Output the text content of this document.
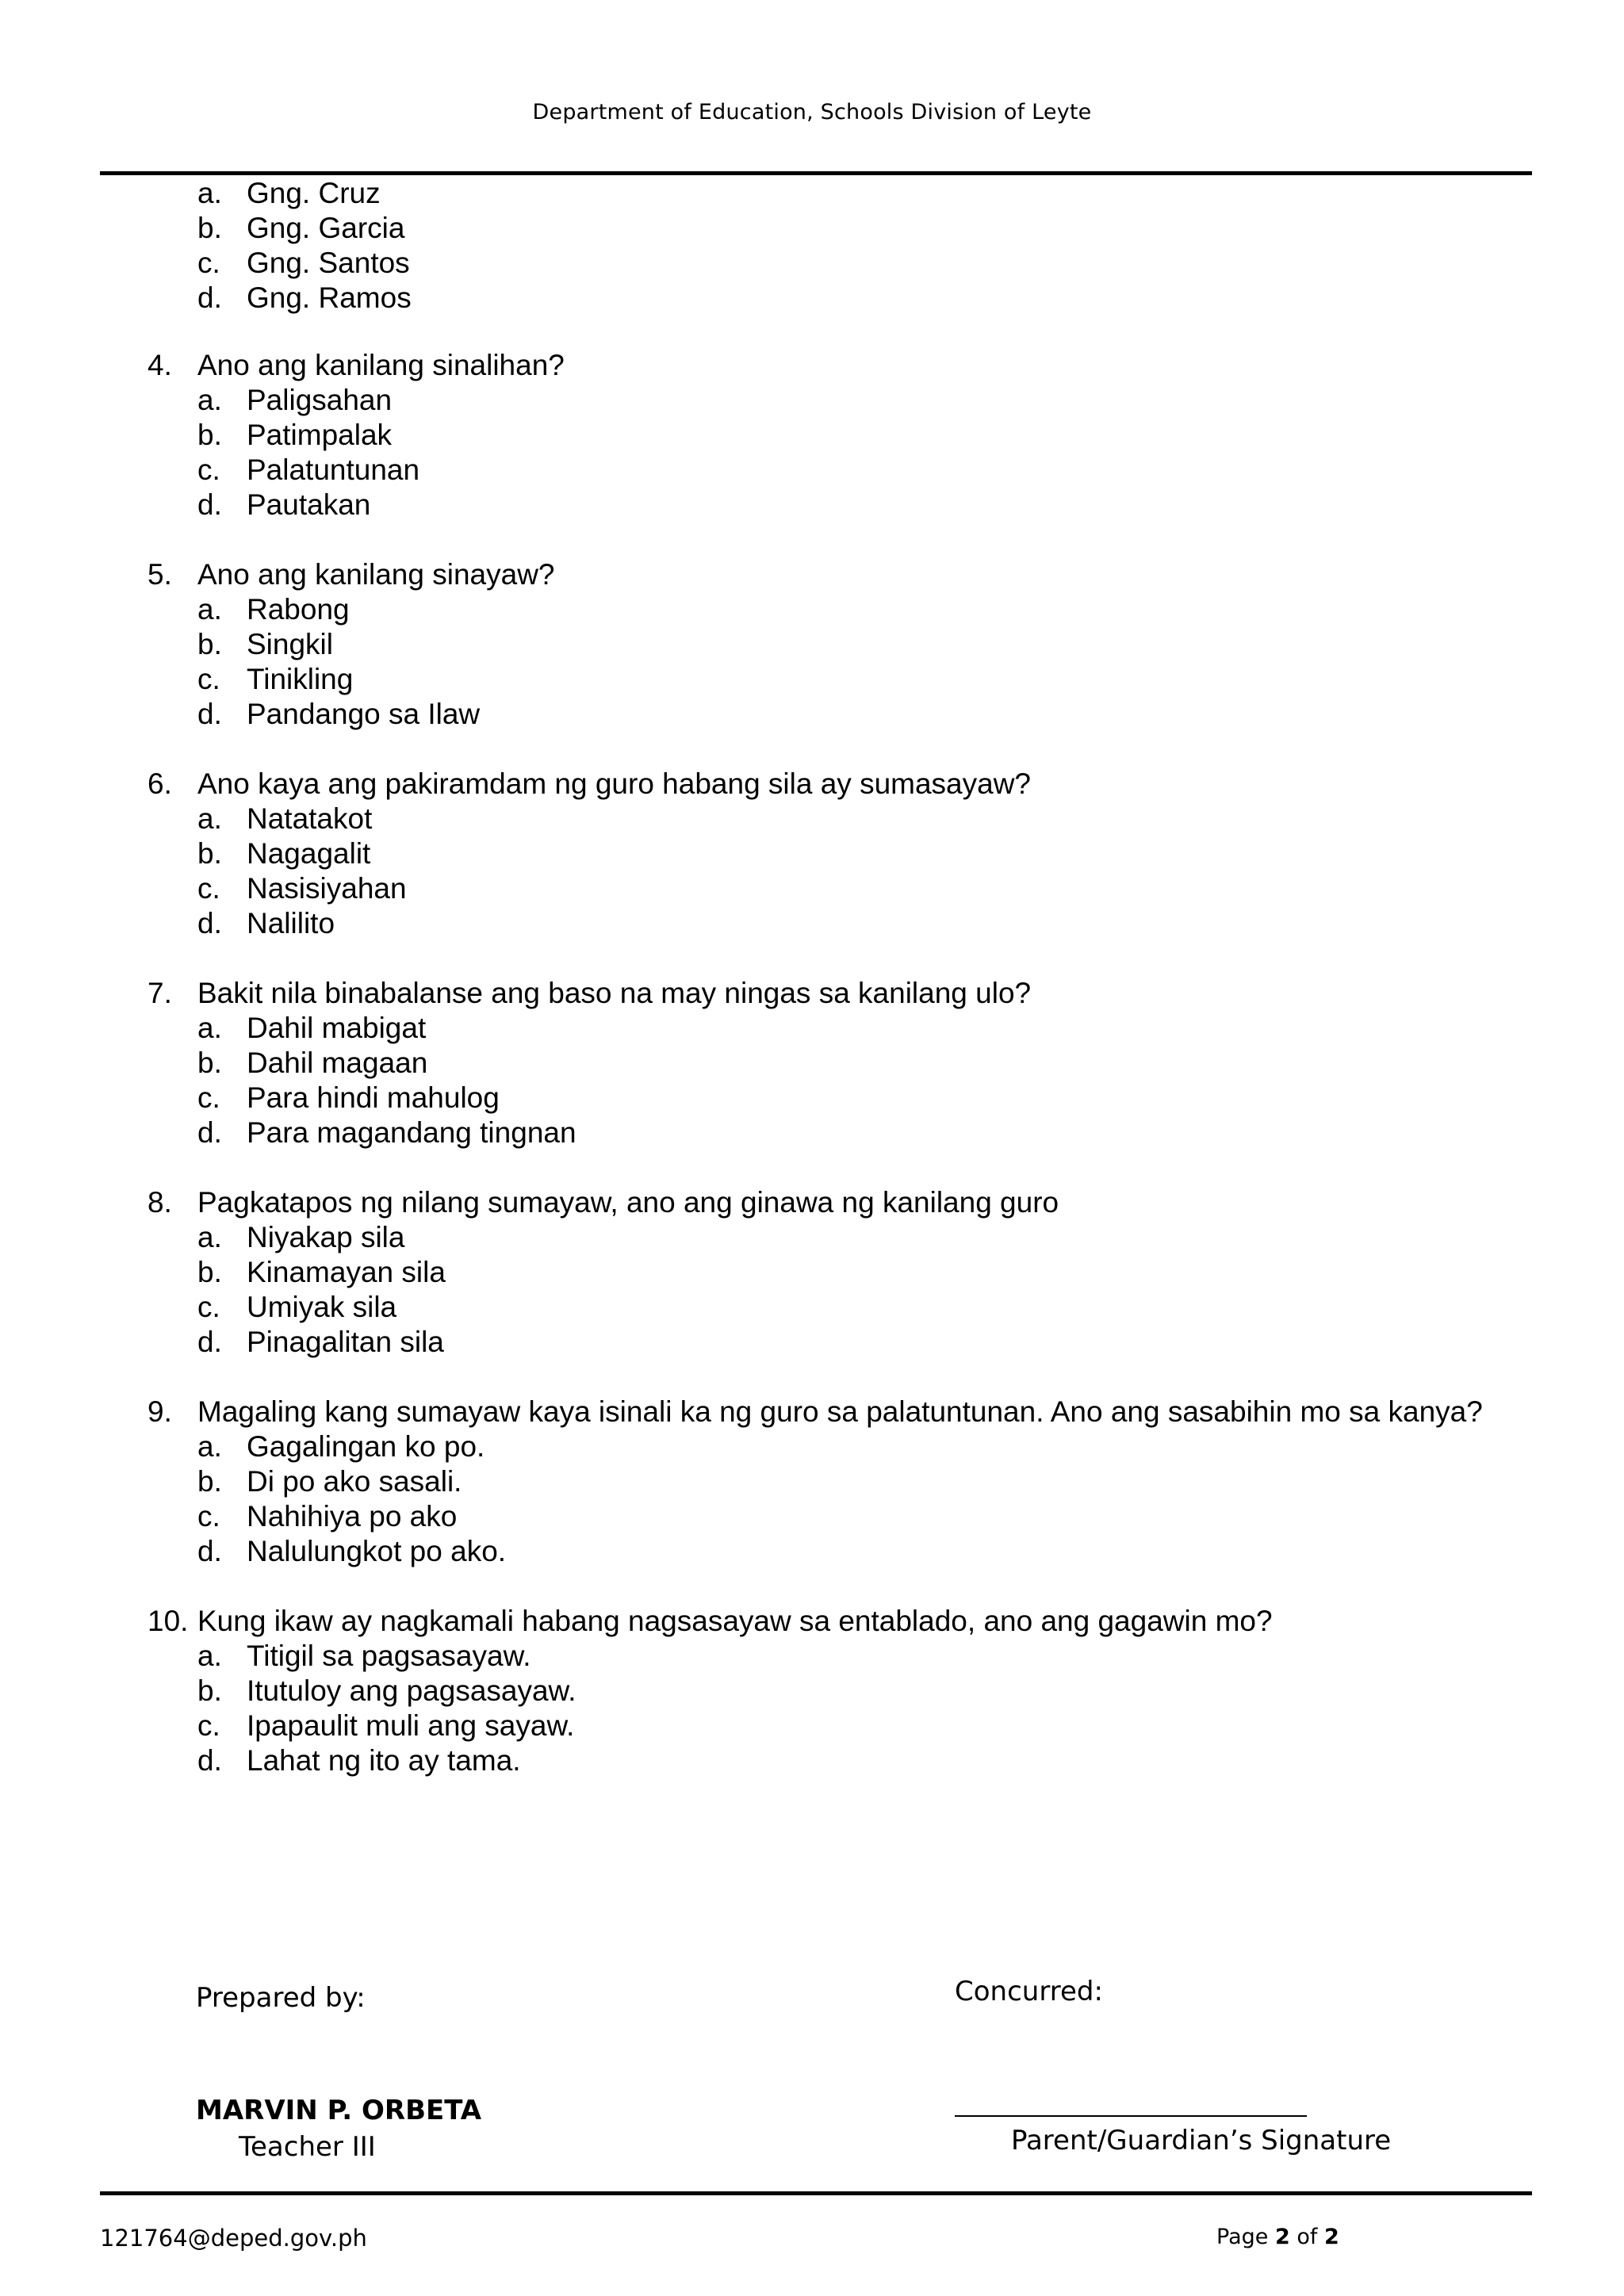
Department of Education, Schools Division of Leyte
a. Gng. Cruz
b. Gng. Garcia
c. Gng. Santos
d. Gng. Ramos
4. Ano ang kanilang sinalihan?
a. Paligsahan
b. Patimpalak
c. Palatuntunan
d. Pautakan
5. Ano ang kanilang sinayaw?
a. Rabong
b. Singkil
c. Tinikling
d. Pandango sa Ilaw
6. Ano kaya ang pakiramdam ng guro habang sila ay sumasayaw?
a. Natatakot
b. Nagagalit
c. Nasisiyahan
d. Nalilito
7. Bakit nila binabalanse ang baso na may ningas sa kanilang ulo?
a. Dahil mabigat
b. Dahil magaan
c. Para hindi mahulog
d. Para magandang tingnan
8. Pagkatapos ng nilang sumayaw, ano ang ginawa ng kanilang guro
a. Niyakap sila
b. Kinamayan sila
c. Umiyak sila
d. Pinagalitan sila
9. Magaling kang sumayaw kaya isinali ka ng guro sa palatuntunan. Ano ang sasabihin mo sa kanya?
a. Gagalingan ko po.
b. Di po ako sasali.
c. Nahihiya po ako
d. Nalulungkot po ako.
10. Kung ikaw ay nagkamali habang nagsasayaw sa entablado, ano ang gagawin mo?
a. Titigil sa pagsasayaw.
b. Itutuloy ang pagsasayaw.
c. Ipapaulit muli ang sayaw.
d. Lahat ng ito ay tama.
Prepared by:	Concurred:
MARVIN P. ORBETA
Teacher III	Parent/Guardian’s Signature
121764@deped.gov.ph	Page 2 of 2
